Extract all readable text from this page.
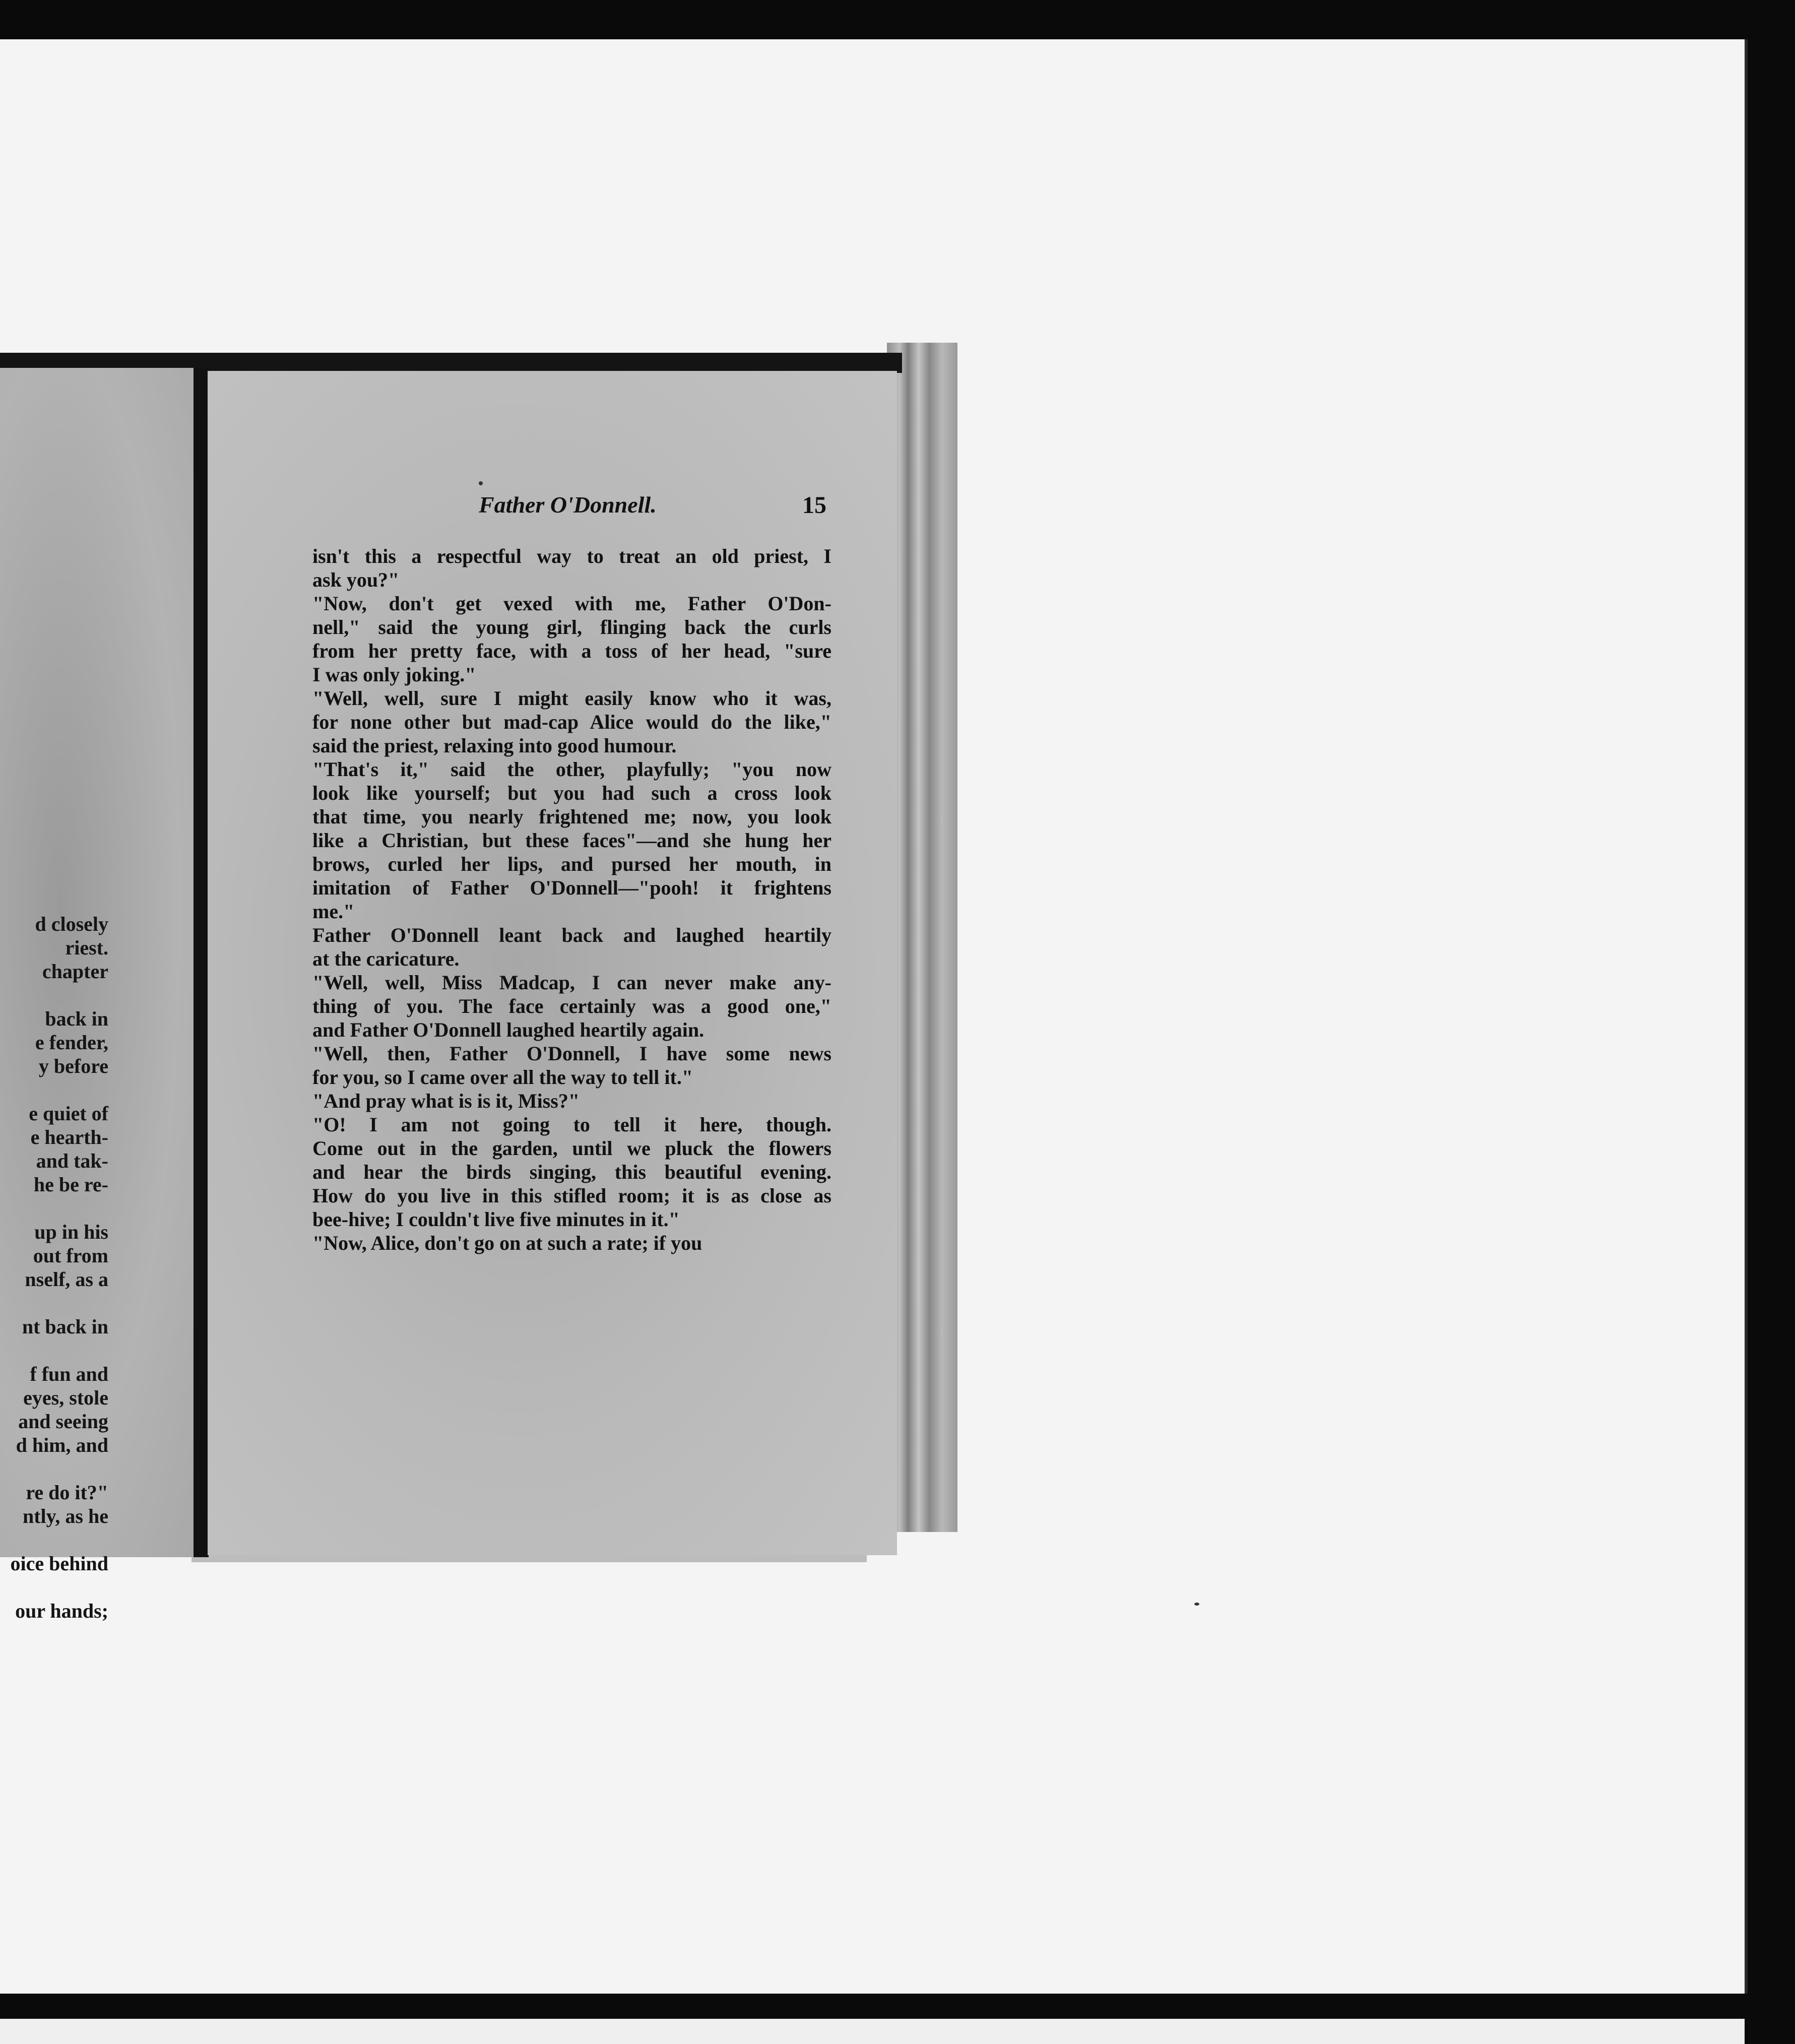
d closely
riest.
chapter
back in
e fender,
y before
e quiet of
e hearth-
and tak-
he be re-
up in his
out from
nself, as a
nt back in
f fun and
eyes, stole
and seeing
d him, and
re do it?"
ntly, as he
oice behind
our hands;
Father O'Donnell.	15
isn't this a respectful way to treat an old priest, I
ask you?"
"Now, don't get vexed with me, Father O'Don-
nell," said the young girl, flinging back the curls
from her pretty face, with a toss of her head, "sure
I was only joking."
"Well, well, sure I might easily know who it was,
for none other but mad-cap Alice would do the like,"
said the priest, relaxing into good humour.
"That's it," said the other, playfully; "you now
look like yourself; but you had such a cross look
that time, you nearly frightened me; now, you look
like a Christian, but these faces"—and she hung her
brows, curled her lips, and pursed her mouth, in
imitation of Father O'Donnell—"pooh! it frightens
me."
Father O'Donnell leant back and laughed heartily
at the caricature.
"Well, well, Miss Madcap, I can never make any-
thing of you. The face certainly was a good one,"
and Father O'Donnell laughed heartily again.
"Well, then, Father O'Donnell, I have some news
for you, so I came over all the way to tell it."
"And pray what is is it, Miss?"
"O! I am not going to tell it here, though.
Come out in the garden, until we pluck the flowers
and hear the birds singing, this beautiful evening.
How do you live in this stifled room; it is as close as
bee-hive; I couldn't live five minutes in it."
"Now, Alice, don't go on at such a rate; if you
